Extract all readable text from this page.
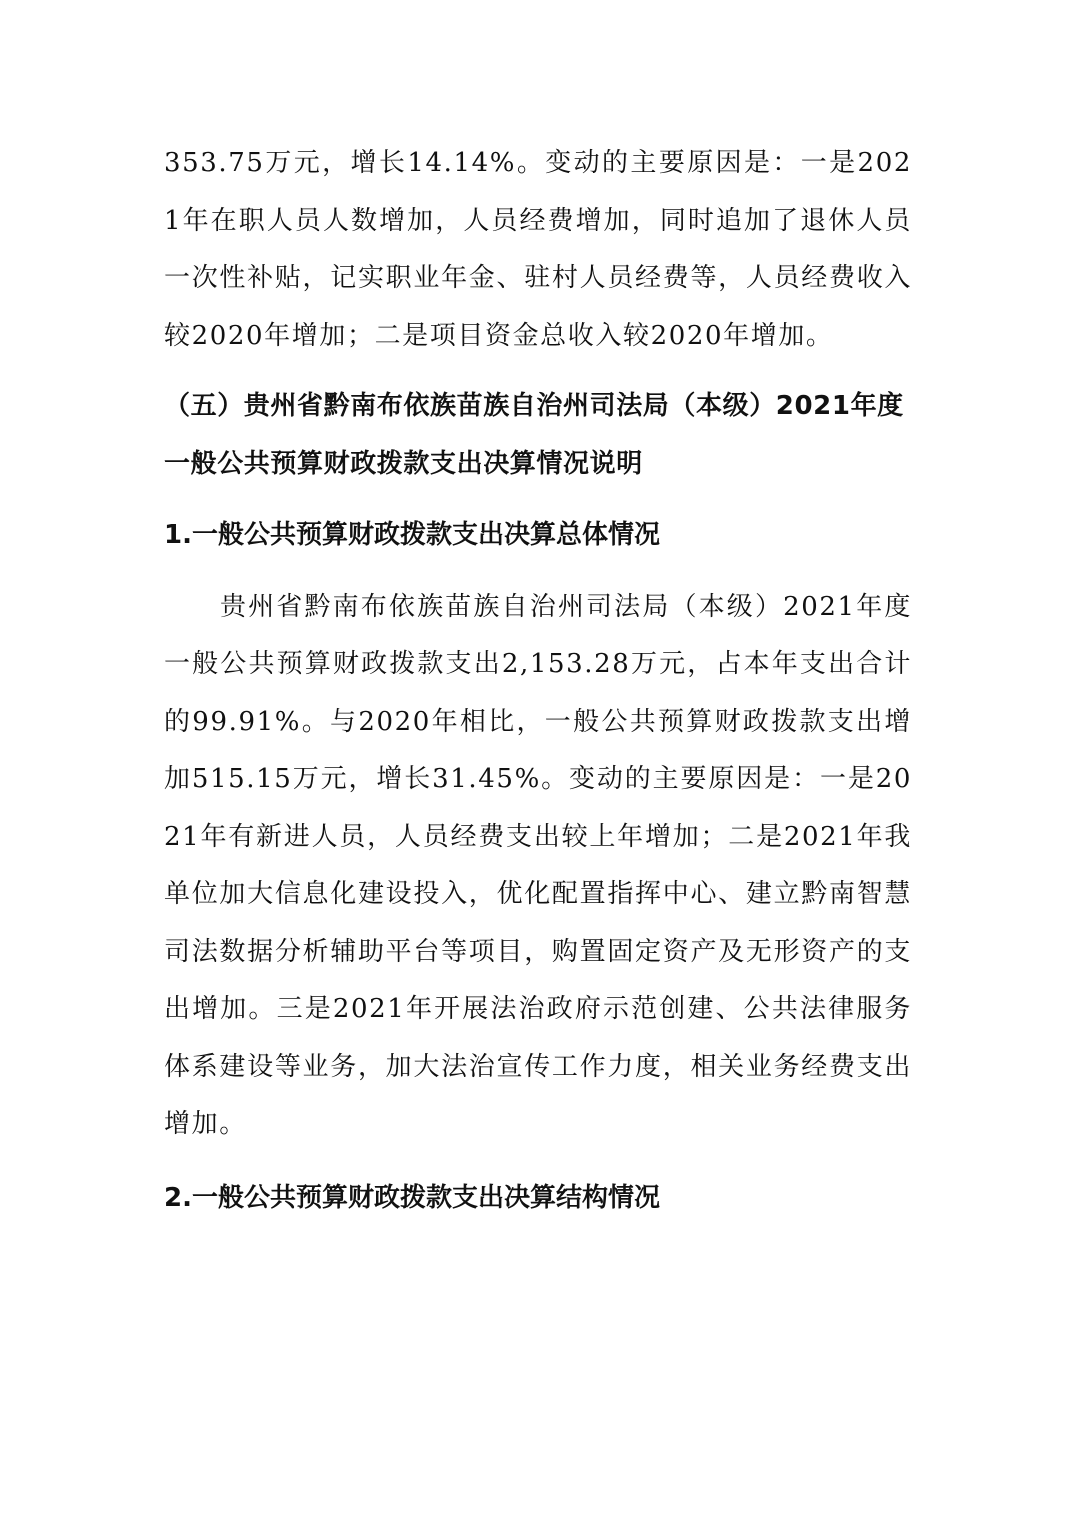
353.75万元，增长14.14%。变动的主要原因是：一是2021年在职人员人数增加，人员经费增加，同时追加了退休人员一次性补贴，记实职业年金、驻村人员经费等，人员经费收入较2020年增加；二是项目资金总收入较2020年增加。

（五）贵州省黔南布依族苗族自治州司法局（本级）2021年度一般公共预算财政拨款支出决算情况说明
1.一般公共预算财政拨款支出决算总体情况

贵州省黔南布依族苗族自治州司法局（本级）2021年度一般公共预算财政拨款支出2,153.28万元，占本年支出合计的99.91%。与2020年相比，一般公共预算财政拨款支出增加515.15万元，增长31.45%。变动的主要原因是：一是2021年有新进人员，人员经费支出较上年增加；二是2021年我单位加大信息化建设投入，优化配置指挥中心、建立黔南智慧司法数据分析辅助平台等项目，购置固定资产及无形资产的支出增加。三是2021年开展法治政府示范创建、公共法律服务体系建设等业务，加大法治宣传工作力度，相关业务经费支出增加。

2.一般公共预算财政拨款支出决算结构情况
